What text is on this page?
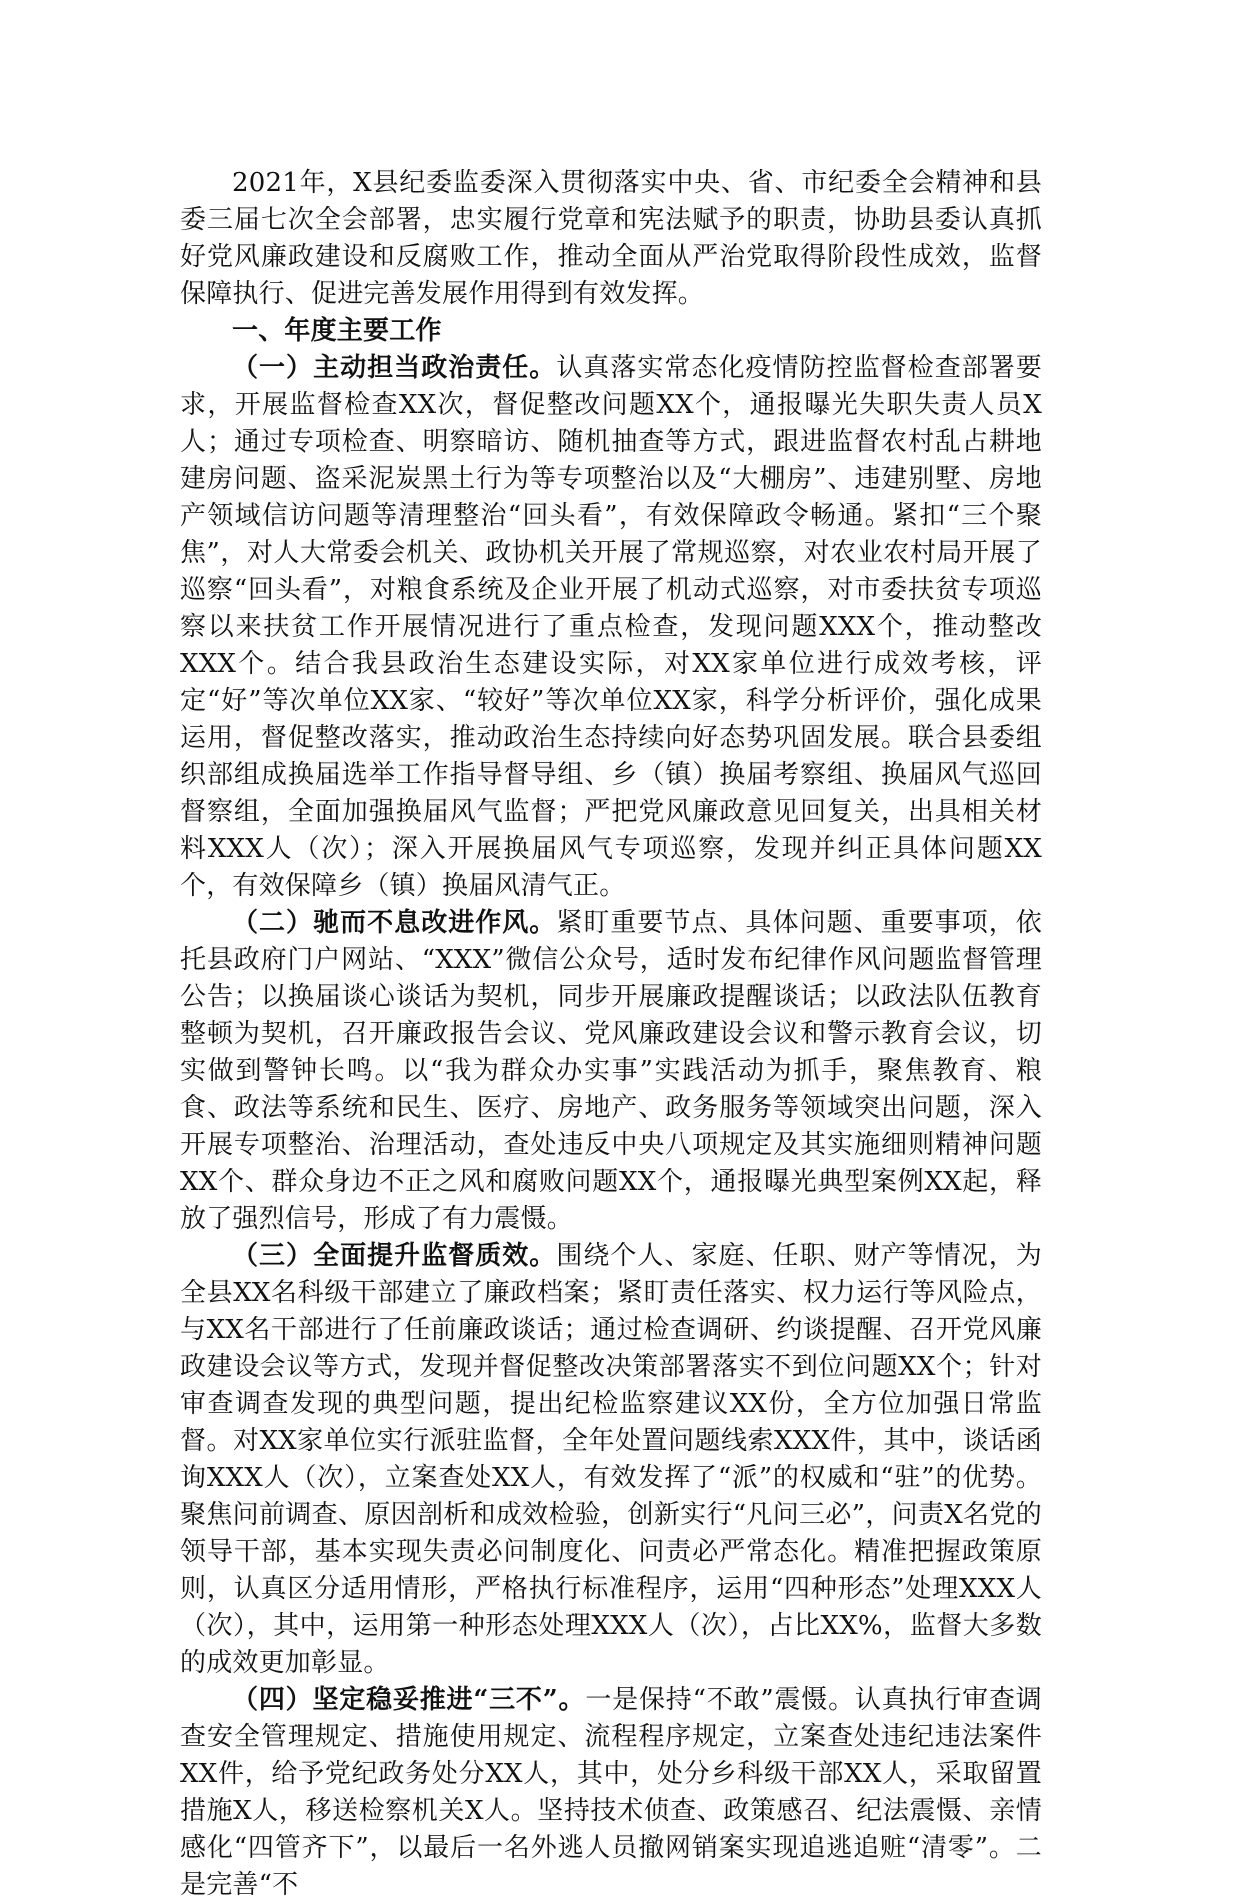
2021年，X县纪委监委深入贯彻落实中央、省、市纪委全会精神和县委三届七次全会部署，忠实履行党章和宪法赋予的职责，协助县委认真抓好党风廉政建设和反腐败工作，推动全面从严治党取得阶段性成效，监督保障执行、促进完善发展作用得到有效发挥。

一、年度主要工作

（一）主动担当政治责任。认真落实常态化疫情防控监督检查部署要求，开展监督检查XX次，督促整改问题XX个，通报曝光失职失责人员X人；通过专项检查、明察暗访、随机抽查等方式，跟进监督农村乱占耕地建房问题、盗采泥炭黑土行为等专项整治以及“大棚房”、违建别墅、房地产领域信访问题等清理整治“回头看”，有效保障政令畅通。紧扣“三个聚焦”，对人大常委会机关、政协机关开展了常规巡察，对农业农村局开展了巡察“回头看”，对粮食系统及企业开展了机动式巡察，对市委扶贫专项巡察以来扶贫工作开展情况进行了重点检查，发现问题XXX个，推动整改XXX个。结合我县政治生态建设实际，对XX家单位进行成效考核，评定“好”等次单位XX家、“较好”等次单位XX家，科学分析评价，强化成果运用，督促整改落实，推动政治生态持续向好态势巩固发展。联合县委组织部组成换届选举工作指导督导组、乡（镇）换届考察组、换届风气巡回督察组，全面加强换届风气监督；严把党风廉政意见回复关，出具相关材料XXX人（次）；深入开展换届风气专项巡察，发现并纠正具体问题XX个，有效保障乡（镇）换届风清气正。

（二）驰而不息改进作风。紧盯重要节点、具体问题、重要事项，依托县政府门户网站、“XXX”微信公众号，适时发布纪律作风问题监督管理公告；以换届谈心谈话为契机，同步开展廉政提醒谈话；以政法队伍教育整顿为契机，召开廉政报告会议、党风廉政建设会议和警示教育会议，切实做到警钟长鸣。以“我为群众办实事”实践活动为抓手，聚焦教育、粮食、政法等系统和民生、医疗、房地产、政务服务等领域突出问题，深入开展专项整治、治理活动，查处违反中央八项规定及其实施细则精神问题XX个、群众身边不正之风和腐败问题XX个，通报曝光典型案例XX起，释放了强烈信号，形成了有力震慑。

（三）全面提升监督质效。围绕个人、家庭、任职、财产等情况，为全县XX名科级干部建立了廉政档案；紧盯责任落实、权力运行等风险点，与XX名干部进行了任前廉政谈话；通过检查调研、约谈提醒、召开党风廉政建设会议等方式，发现并督促整改决策部署落实不到位问题XX个；针对审查调查发现的典型问题，提出纪检监察建议XX份，全方位加强日常监督。对XX家单位实行派驻监督，全年处置问题线索XXX件，其中，谈话函询XXX人（次），立案查处XX人，有效发挥了“派”的权威和“驻”的优势。聚焦问前调查、原因剖析和成效检验，创新实行“凡问三必”，问责X名党的领导干部，基本实现失责必问制度化、问责必严常态化。精准把握政策原则，认真区分适用情形，严格执行标准程序，运用“四种形态”处理XXX人（次），其中，运用第一种形态处理XXX人（次），占比XX%，监督大多数的成效更加彰显。

（四）坚定稳妥推进“三不”。一是保持“不敢”震慑。认真执行审查调查安全管理规定、措施使用规定、流程程序规定，立案查处违纪违法案件XX件，给予党纪政务处分XX人，其中，处分乡科级干部XX人，采取留置措施X人，移送检察机关X人。坚持技术侦查、政策感召、纪法震慑、亲情感化“四管齐下”，以最后一名外逃人员撤网销案实现追逃追赃“清零”。二是完善“不
